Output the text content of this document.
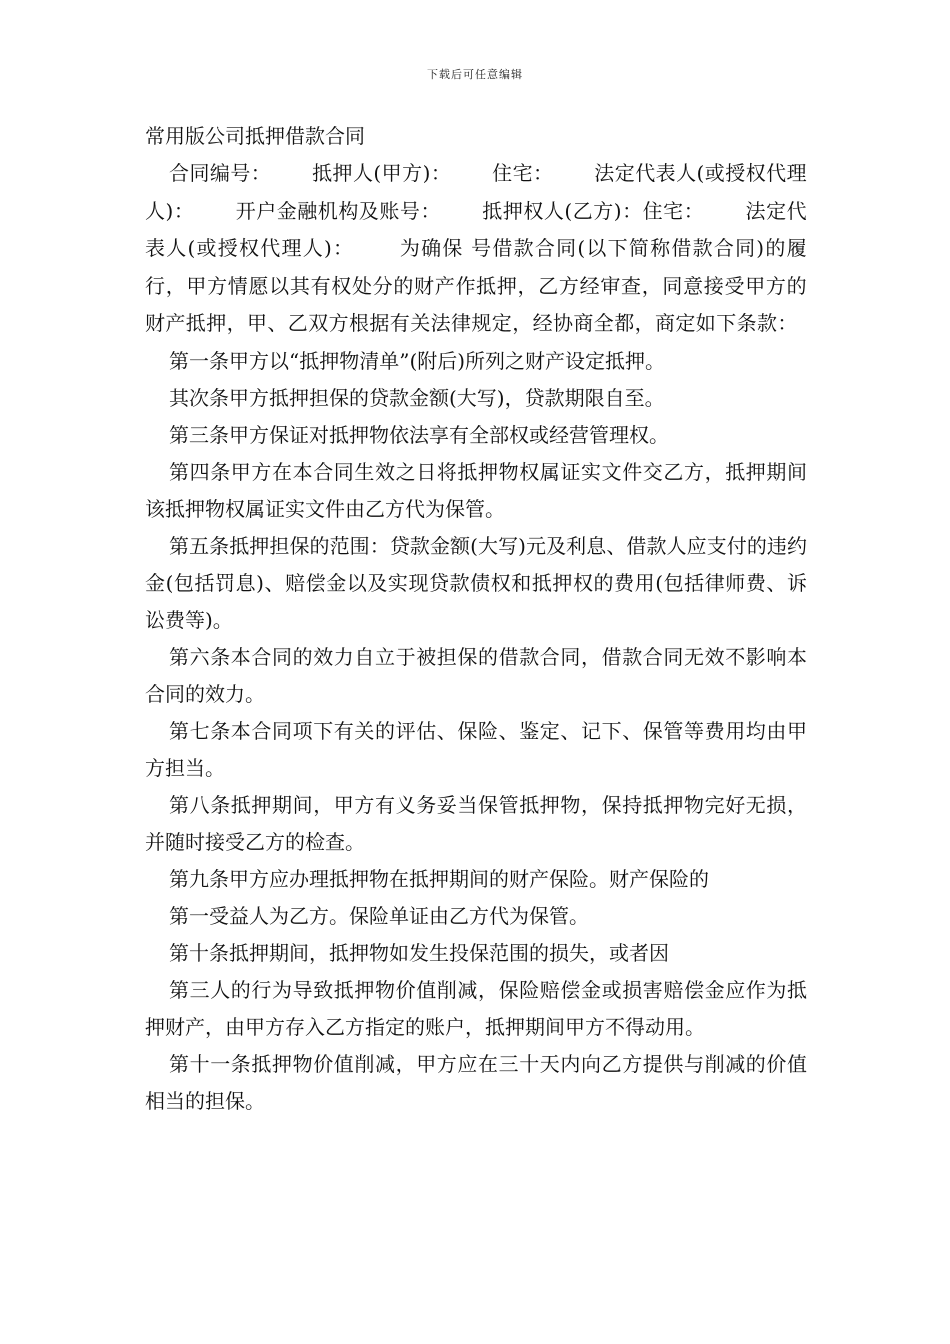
下载后可任意编辑
常用版公司抵押借款合同

合同编号：      抵押人(甲方)：      住宅：      法定代表人(或授权代理人)：      开户金融机构及账号：      抵押权人(乙方)：住宅：      法定代表人(或授权代理人)：      为确保 号借款合同(以下简称借款合同)的履行，甲方情愿以其有权处分的财产作抵押，乙方经审查，同意接受甲方的财产抵押，甲、乙双方根据有关法律规定，经协商全都，商定如下条款：

第一条甲方以“抵押物清单”(附后)所列之财产设定抵押。

其次条甲方抵押担保的贷款金额(大写)，贷款期限自至。

第三条甲方保证对抵押物依法享有全部权或经营管理权。

第四条甲方在本合同生效之日将抵押物权属证实文件交乙方，抵押期间该抵押物权属证实文件由乙方代为保管。

第五条抵押担保的范围：贷款金额(大写)元及利息、借款人应支付的违约金(包括罚息)、赔偿金以及实现贷款债权和抵押权的费用(包括律师费、诉讼费等)。

第六条本合同的效力自立于被担保的借款合同，借款合同无效不影响本合同的效力。

第七条本合同项下有关的评估、保险、鉴定、记下、保管等费用均由甲方担当。

第八条抵押期间，甲方有义务妥当保管抵押物，保持抵押物完好无损，并随时接受乙方的检查。

第九条甲方应办理抵押物在抵押期间的财产保险。财产保险的

第一受益人为乙方。保险单证由乙方代为保管。

第十条抵押期间，抵押物如发生投保范围的损失，或者因

第三人的行为导致抵押物价值削减，保险赔偿金或损害赔偿金应作为抵押财产，由甲方存入乙方指定的账户，抵押期间甲方不得动用。

第十一条抵押物价值削减，甲方应在三十天内向乙方提供与削减的价值相当的担保。
